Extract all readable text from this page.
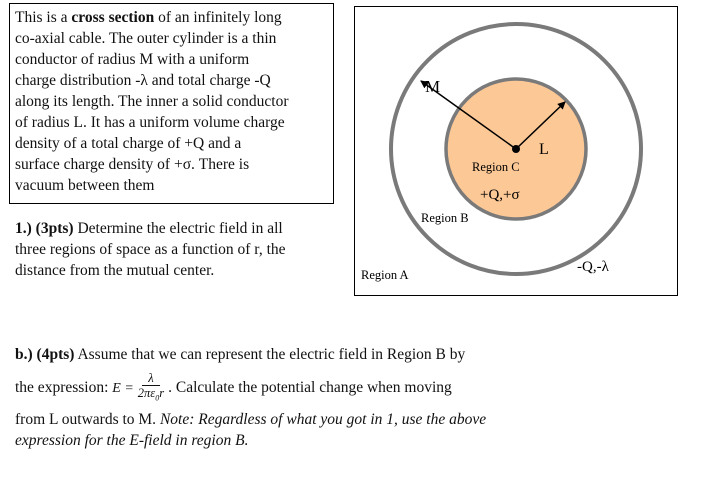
This is a cross section of an infinitely long
co-axial cable. The outer cylinder is a thin
conductor of radius M with a uniform
charge distribution -λ and total charge -Q
along its length. The inner a solid conductor
of radius L. It has a uniform volume charge
density of a total charge of +Q and a
surface charge density of +σ. There is
vacuum between them
1.) (3pts) Determine the electric field in all
three regions of space as a function of r, the
distance from the mutual center.
M
L
Region C
+Q,+σ
Region B
Region A	-Q,-λ
b.) (4pts) Assume that we can represent the electric field in Region B by
the expression: $E = \frac{\lambda}{2\pi\varepsilon_0r}$ . Calculate the potential change when moving
from L outwards to M. Note: Regardless of what you got in 1, use the above
expression for the E-field in region B.
